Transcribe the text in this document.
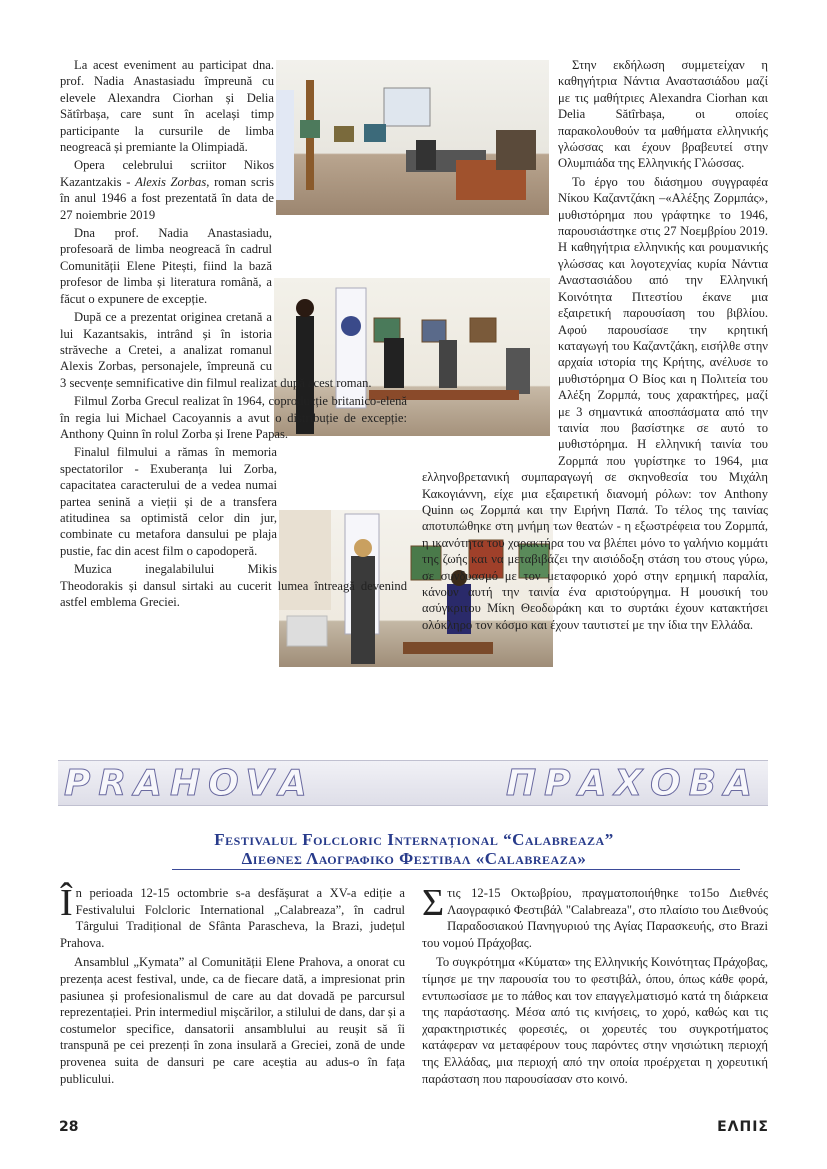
La acest eveniment au participat dna. prof. Nadia Anastasiadu împreună cu elevele Alexandra Ciorhan și Delia Sătîrbașa, care sunt în același timp participante la cursurile de limba neogreacă și premiante la Olimpiadă.

Opera celebrului scriitor Nikos Kazantzakis - Alexis Zorbas, roman scris în anul 1946 a fost prezentată în data de 27 noiembrie 2019

Dna prof. Nadia Anastasiadu, profesoară de limba neogreacă în cadrul Comunității Elene Pitești, fiind la bază profesor de limba și literatura română, a făcut o expunere de excepție.

După ce a prezentat originea cretană a lui Kazantsakis, intrând și în istoria străveche a Cretei, a analizat romanul Alexis Zorbas, personajele, împreună cu 3 secvențe semnificative din filmul realizat după acest roman.

Filmul Zorba Grecul realizat în 1964, coproducție britanico-elenă în regia lui Michael Cacoyannis a avut o distribuție de excepție: Anthony Quinn în rolul Zorba și Irene Papas.

Finalul filmului a rămas în memoria spectatorilor - Exuberanța lui Zorba, capacitatea caracterului de a vedea numai partea senină a vieții și de a transfera atitudinea sa optimistă celor din jur, combinate cu metafora dansului pe plaja pustie, fac din acest film o capodoperă.

Muzica inegalabilului Mikis Theodorakis și dansul sirtaki au cucerit lumea întreagă devenind astfel emblema Greciei.

Στην εκδήλωση συμμετείχαν η καθηγήτρια Νάντια Αναστασιάδου μαζί με τις μαθήτριες Alexandra Ciorhan και Delia Sătîrbașa, οι οποίες παρακολουθούν τα μαθήματα ελληνικής γλώσσας και έχουν βραβευτεί στην Ολυμπιάδα της Ελληνικής Γλώσσας.

Το έργο του διάσημου συγγραφέα Νίκου Καζαντζάκη –«Αλέξης Ζορμπάς», μυθιστόρημα που γράφτηκε το 1946, παρουσιάστηκε στις 27 Νοεμβρίου 2019. Η καθηγήτρια ελληνικής και ρουμανικής γλώσσας και λογοτεχνίας κυρία Νάντια Αναστασιάδου από την Ελληνική Κοινότητα Πιτεστίου έκανε μια εξαιρετική παρουσίαση του βιβλίου. Αφού παρουσίασε την κρητική καταγωγή του Καζαντζάκη, εισήλθε στην αρχαία ιστορία της Κρήτης, ανέλυσε το μυθιστόρημα Ο Βίος και η Πολιτεία του Αλέξη Ζορμπά, τους χαρακτήρες, μαζί με 3 σημαντικά αποσπάσματα από την ταινία που βασίστηκε σε αυτό το μυθιστόρημα. Η ελληνική ταινία του Ζορμπά που γυρίστηκε το 1964, μια ελληνοβρετανική συμπαραγωγή σε σκηνοθεσία του Μιχάλη Κακογιάννη, είχε μια εξαιρετική διανομή ρόλων: τον Anthony Quinn ως Ζορμπά και την Ειρήνη Παπά. Το τέλος της ταινίας αποτυπώθηκε στη μνήμη των θεατών - η εξωστρέφεια του Ζορμπά, η ικανότητα του χαρακτήρα του να βλέπει μόνο το γαλήνιο κομμάτι της ζωής και να μεταβιβάζει την αισιόδοξη στάση του στους γύρω, σε συνδυασμό με τον μεταφορικό χορό στην ερημική παραλία, κάνουν αυτή την ταινία ένα αριστούργημα. Η μουσική του ασύγκριτου Μίκη Θεοδωράκη και το συρτάκι έχουν κατακτήσει ολόκληρο τον κόσμο και έχουν ταυτιστεί με την ίδια την Ελλάδα.

PRAHOVA	ΠΡΑΧΟΒΑ
Festivalul Folcloric Internațional “Calabreaza”
Διεθνες Λαογραφικο Φεστιβαλ «Calabreaza»

În perioada 12-15 octombrie s-a desfășurat a XV-a ediție a Festivalului Folcloric International „Calabreaza”, în cadrul Târgului Tradițional de Sfânta Parascheva, la Brazi, județul Prahova.

Ansamblul „Kymata” al Comunității Elene Prahova, a onorat cu prezența acest festival, unde, ca de fiecare dată, a impresionat prin pasiunea și profesionalismul de care au dat dovadă pe parcursul reprezentației. Prin intermediul mișcărilor, a stilului de dans, dar și a costumelor specifice, dansatorii ansamblului au reușit să îi transpună pe cei prezenți în zona insulară a Greciei, zonă de unde provenea suita de dansuri pe care aceștia au adus-o în fața publicului.

Στις 12-15 Οκτωβρίου, πραγματοποιήθηκε το15ο Διεθνές Λαογραφικό Φεστιβάλ "Calabreaza", στο πλαίσιο του Διεθνούς Παραδοσιακού Πανηγυριού της Αγίας Παρασκευής, στο Brazi του νομού Πράχοβας.

Το συγκρότημα «Κύματα» της Ελληνικής Κοινότητας Πράχοβας, τίμησε με την παρουσία του το φεστιβάλ, όπου, όπως κάθε φορά, εντυπωσίασε με το πάθος και τον επαγγελματισμό κατά τη διάρκεια της παράστασης. Μέσα από τις κινήσεις, το χορό, καθώς και τις χαρακτηριστικές φορεσιές, οι χορευτές του συγκροτήματος κατάφεραν να μεταφέρουν τους παρόντες στην νησιώτικη περιοχή της Ελλάδας, μια περιοχή από την οποία προέρχεται η χορευτική παράσταση που παρουσίασαν στο κοινό.

28	ΕΛΠΙΣ
